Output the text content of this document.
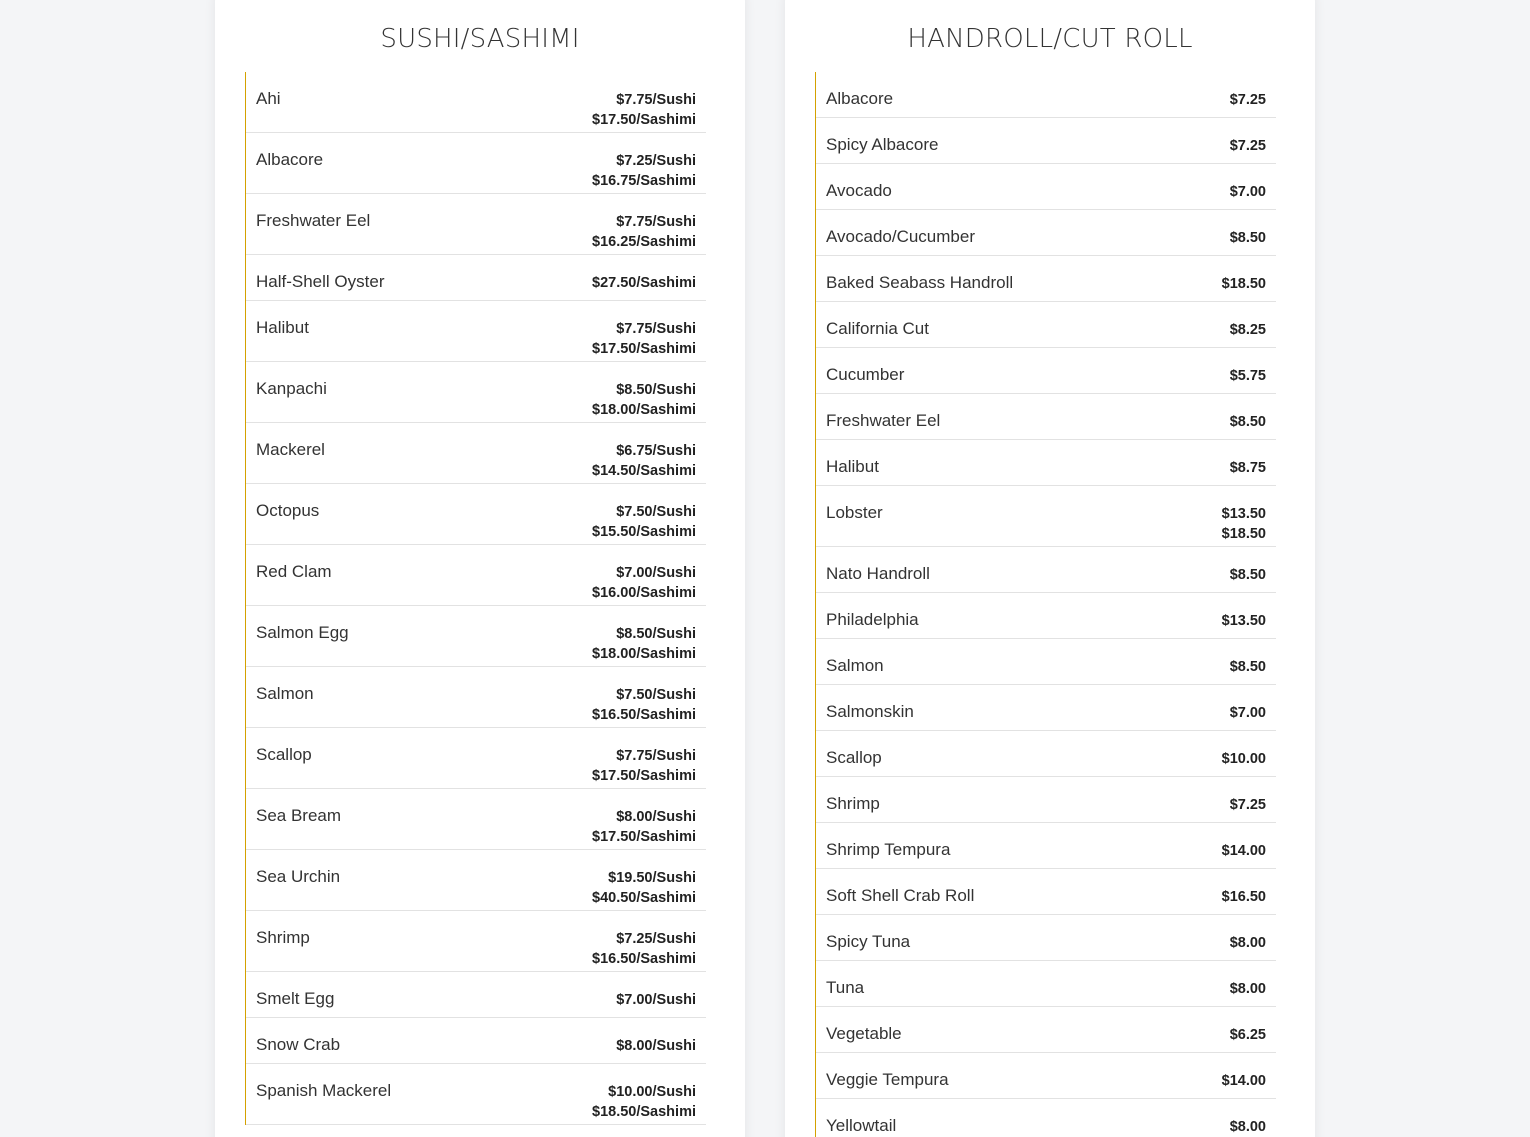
SUSHI/SASHIMI
Ahi	$7.75/Sushi
$17.50/Sashimi
Albacore	$7.25/Sushi
$16.75/Sashimi
Freshwater Eel	$7.75/Sushi
$16.25/Sashimi
Half-Shell Oyster	$27.50/Sashimi
Halibut	$7.75/Sushi
$17.50/Sashimi
Kanpachi	$8.50/Sushi
$18.00/Sashimi
Mackerel	$6.75/Sushi
$14.50/Sashimi
Octopus	$7.50/Sushi
$15.50/Sashimi
Red Clam	$7.00/Sushi
$16.00/Sashimi
Salmon Egg	$8.50/Sushi
$18.00/Sashimi
Salmon	$7.50/Sushi
$16.50/Sashimi
Scallop	$7.75/Sushi
$17.50/Sashimi
Sea Bream	$8.00/Sushi
$17.50/Sashimi
Sea Urchin	$19.50/Sushi
$40.50/Sashimi
Shrimp	$7.25/Sushi
$16.50/Sashimi
Smelt Egg	$7.00/Sushi
Snow Crab	$8.00/Sushi
Spanish Mackerel	$10.00/Sushi
$18.50/Sashimi
HANDROLL/CUT ROLL
Albacore	$7.25
Spicy Albacore	$7.25
Avocado	$7.00
Avocado/Cucumber	$8.50
Baked Seabass Handroll	$18.50
California Cut	$8.25
Cucumber	$5.75
Freshwater Eel	$8.50
Halibut	$8.75
Lobster	$13.50
$18.50
Nato Handroll	$8.50
Philadelphia	$13.50
Salmon	$8.50
Salmonskin	$7.00
Scallop	$10.00
Shrimp	$7.25
Shrimp Tempura	$14.00
Soft Shell Crab Roll	$16.50
Spicy Tuna	$8.00
Tuna	$8.00
Vegetable	$6.25
Veggie Tempura	$14.00
Yellowtail	$8.00
